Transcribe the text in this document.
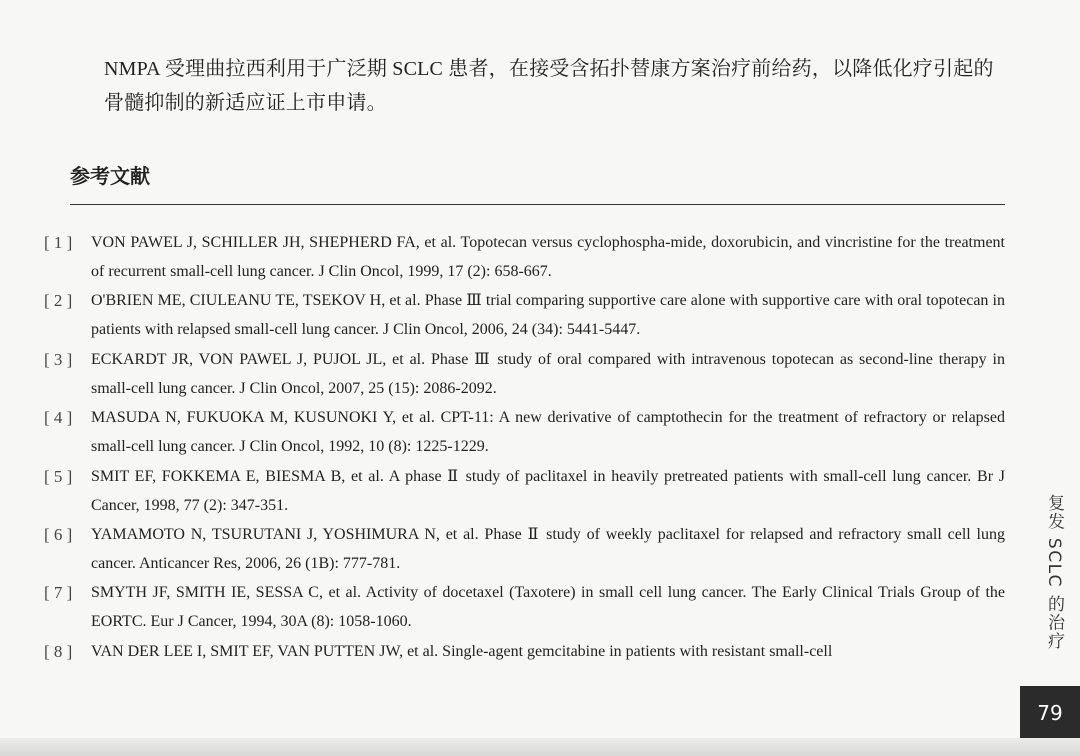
NMPA 受理曲拉西利用于广泛期 SCLC 患者，在接受含拓扑替康方案治疗前给药，以降低化疗引起的骨髓抑制的新适应证上市申请。

参考文献
[ 1 ]	VON PAWEL J, SCHILLER JH, SHEPHERD FA, et al. Topotecan versus cyclophospha-mide, doxorubicin, and vincristine for the treatment of recurrent small-cell lung cancer. J Clin Oncol, 1999, 17 (2): 658-667.
[ 2 ]	O'BRIEN ME, CIULEANU TE, TSEKOV H, et al. Phase Ⅲ trial comparing supportive care alone with supportive care with oral topotecan in patients with relapsed small-cell lung cancer. J Clin Oncol, 2006, 24 (34): 5441-5447.
[ 3 ]	ECKARDT JR, VON PAWEL J, PUJOL JL, et al. Phase Ⅲ study of oral compared with intravenous topotecan as second-line therapy in small-cell lung cancer. J Clin Oncol, 2007, 25 (15): 2086-2092.
[ 4 ]	MASUDA N, FUKUOKA M, KUSUNOKI Y, et al. CPT-11: A new derivative of camptothecin for the treatment of refractory or relapsed small-cell lung cancer. J Clin Oncol, 1992, 10 (8): 1225-1229.
[ 5 ]	SMIT EF, FOKKEMA E, BIESMA B, et al. A phase Ⅱ study of paclitaxel in heavily pretreated patients with small-cell lung cancer. Br J Cancer, 1998, 77 (2): 347-351.
[ 6 ]	YAMAMOTO N, TSURUTANI J, YOSHIMURA N, et al. Phase Ⅱ study of weekly paclitaxel for relapsed and refractory small cell lung cancer. Anticancer Res, 2006, 26 (1B): 777-781.
[ 7 ]	SMYTH JF, SMITH IE, SESSA C, et al. Activity of docetaxel (Taxotere) in small cell lung cancer. The Early Clinical Trials Group of the EORTC. Eur J Cancer, 1994, 30A (8): 1058-1060.
[ 8 ]	VAN DER LEE I, SMIT EF, VAN PUTTEN JW, et al. Single-agent gemcitabine in patients with resistant small-cell
复发 SCLC 的治疗
79
